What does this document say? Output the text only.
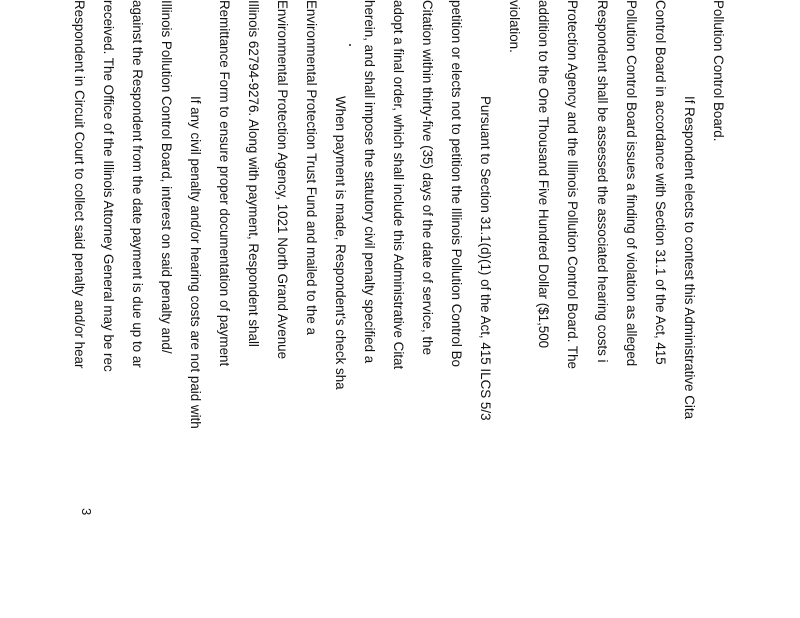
Pollution Control Board.
If Respondent elects to contest this Administrative Cita
Control Board in accordance with Section 31.1 of the Act, 415
Pollution Control Board issues a finding of violation as alleged
Respondent shall be assessed the associated hearing costs i
Protection Agency and the Illinois Pollution Control Board. The
addition to the One Thousand Five Hundred Dollar ($1,500
violation.
Pursuant to Section 31.1(d)(1) of the Act, 415 ILCS 5/3
petition or elects not to petition the Illinois Pollution Control Bo
Citation within thirty-five (35) days of the date of service, the
adopt a final order, which shall include this Administrative Citat
herein, and shall impose the statutory civil penalty specified a
When payment is made, Respondent's check sha
Environmental Protection Trust Fund and mailed to the a
Environmental Protection Agency, 1021 North Grand Avenue
Illinois 62794-9276. Along with payment, Respondent shall
Remittance Form to ensure proper documentation of payment
If any civil penalty and/or hearing costs are not paid with
Illinois Pollution Control Board, interest on said penalty and/
against the Respondent from the date payment is due up to ar
received. The Office of the Illinois Attorney General may be rec
Respondent in Circuit Court to collect said penalty and/or hear
3
